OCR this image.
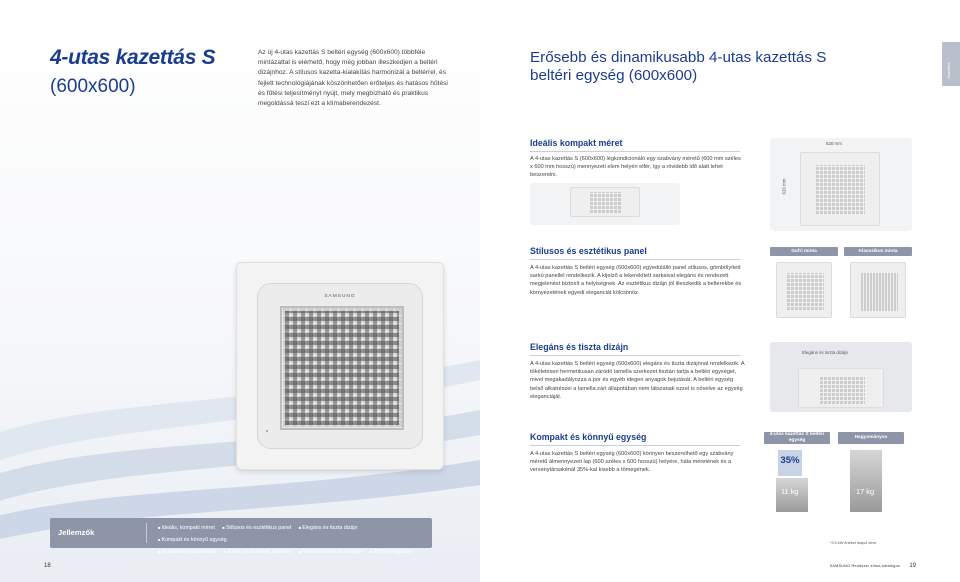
4-utas kazettás S
(600x600)

Az új 4-utas kazettás S beltéri egység (600x600) többféle mintázattal is elérhető, hogy még jobban illeszkedjen a beltéri dizájnhoz. A stílusos kazetta-kialakítás harmonizál a beltérrel, és fejlett technológiájának köszönhetően erőteljes és hatásos hűtési és fűtési teljesítményt nyújt, mely megbízható és praktikus megoldássá teszi ezt a klímaberendezést.

SAMSUNG
Jellemzők	■ Ideális, kompakt méret ■ Stílusos és esztétikus panel ■ Elegáns és tiszta dizájn ■ Kompakt és könnyű egység
■ Virusdoktor (opcionális) ■ Külön vezérelhető lamellák ■ Nincs túlcsorduló csepptv ■ 360°-os légáram
18
Erősebb és dinamikusabb 4-utas kazettás S
beltéri egység (600x600)	Kazettás
Ideális kompakt méret

A 4-utas kazettás S (600x600) légkondicionáló egy szabvány méretű (600 mm széles x 600 mm hosszú) mennyezeti elem helyén elfér, így a rövidebb idő alatt lehet beszerelni.

620 mm
620 mm
Stílusos és esztétikus panel

A 4-utas kazettás S beltéri egység (600x600) egyedülálló panel stílusos, gömbölyített sarkú panellel rendelkezik. A kijelző a lekerekített sarkaival elegáns és rendezett megjelenést biztosít a helyiségnek. Az esztétikus dizájn jól illeszkedik a belterekbe és környezetének egyedi eleganciát kölcsönöz.

Gofri minta	Klasszikus minta
Elegáns és tiszta dizájn

A 4-utas kazettás S beltéri egység (600x600) elegáns és tiszta dizájnnal rendelkezik. A tökéletesen hermetikusan záródó lamella szerkezet tisztán tartja a beltéri egységet, mivel megakadályozza a por és egyéb idegen anyagok bejutását. A beltéri egység belső alkatrészei a lamella zárt állapotában nem látszanak ezzel is növelve az egység eleganciáját.

Elegáns és tiszta dizájn
Kompakt és könnyű egység

A 4-utas kazettás S beltéri egység (600x600) könnyen beszerelhető egy szabvány méretű álmennyezeti lap (600 széles x 600 hosszú) helyére, hála méretének és a versenytársakénál 35%-kal kisebb a tömegének.

4-utas kazettás S beltéri egység
Hagyományos
35%
11 kg	17 kg
*3,5 kW értéket alapul véve
SAMSUNG Rendszer klíma katalógus 19
